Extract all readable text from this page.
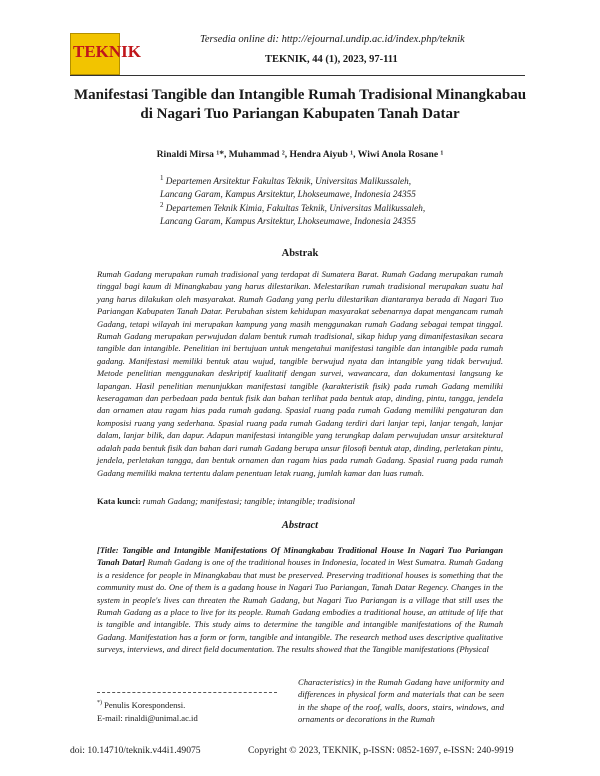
TEKNIK
Tersedia online di: http://ejournal.undip.ac.id/index.php/teknik
TEKNIK, 44 (1), 2023, 97-111
Manifestasi Tangible dan Intangible Rumah Tradisional Minangkabau
di Nagari Tuo Pariangan Kabupaten Tanah Datar
Rinaldi Mirsa ¹*, Muhammad ², Hendra Aiyub ¹, Wiwi Anola Rosane ¹
$^1$ Departemen Arsitektur Fakultas Teknik, Universitas Malikussaleh,
Lancang Garam, Kampus Arsitektur, Lhokseumawe, Indonesia 24355
$^2$ Departemen Teknik Kimia, Fakultas Teknik, Universitas Malikussaleh,
Lancang Garam, Kampus Arsitektur, Lhokseumawe, Indonesia 24355
Abstrak
Rumah Gadang merupakan rumah tradisional yang terdapat di Sumatera Barat. Rumah Gadang merupakan rumah tinggal bagi kaum di Minangkabau yang harus dilestarikan. Melestarikan rumah tradisional merupakan suatu hal yang harus dilakukan oleh masyarakat. Rumah Gadang yang perlu dilestarikan diantaranya berada di Nagari Tuo Pariangan Kabupaten Tanah Datar. Perubahan sistem kehidupan masyarakat sebenarnya dapat mengancam rumah Gadang, tetapi wilayah ini merupakan kampung yang masih menggunakan rumah Gadang sebagai tempat tinggal. Rumah Gadang merupakan perwujudan dalam bentuk rumah tradisional, sikap hidup yang dimanifestasikan secara tangible dan intangible. Penelitian ini bertujuan untuk mengetahui manifestasi tangible dan intangible pada rumah gadang. Manifestasi memiliki bentuk atau wujud, tangible berwujud nyata dan intangible yang tidak berwujud. Metode penelitian menggunakan deskriptif kualitatif dengan survei, wawancara, dan dokumentasi langsung ke lapangan. Hasil penelitian menunjukkan manifestasi tangible (karakteristik fisik) pada rumah Gadang memiliki keseragaman dan perbedaan pada bentuk fisik dan bahan terlihat pada bentuk atap, dinding, pintu, tangga, jendela dan ornamen atau ragam hias pada rumah gadang. Spasial ruang pada rumah Gadang memiliki pengaturan dan komposisi ruang yang sederhana. Spasial ruang pada rumah Gadang terdiri dari lanjar tepi, lanjar tengah, lanjar dalam, lanjar bilik, dan dapur. Adapun manifestasi intangible yang terungkap dalam perwujudan unsur arsitektural adalah pada bentuk fisik dan bahan dari rumah Gadang berupa unsur filosofi bentuk atap, dinding, perletakan pintu, jendela, perletakan tangga, dan bentuk ornamen dan ragam hias pada rumah Gadang. Spasial ruang pada rumah Gadang memiliki makna tertentu dalam penentuan letak ruang, jumlah kamar dan luas rumah.
Kata kunci: rumah Gadang; manifestasi; tangible; intangible; tradisional
Abstract
[Title: Tangible and Intangible Manifestations Of Minangkabau Traditional House In Nagari Tuo Pariangan Tanah Datar] Rumah Gadang is one of the traditional houses in Indonesia, located in West Sumatra. Rumah Gadang is a residence for people in Minangkabau that must be preserved. Preserving traditional houses is something that the community must do. One of them is a gadang house in Nagari Tuo Pariangan, Tanah Datar Regency. Changes in the system in people's lives can threaten the Rumah Gadang, but Nagari Tuo Pariangan is a village that still uses the Rumah Gadang as a place to live for its people. Rumah Gadang embodies a traditional house, an attitude of life that is tangible and intangible. This study aims to determine the tangible and intangible manifestations of the Rumah Gadang. Manifestation has a form or form, tangible and intangible. The research method uses descriptive qualitative surveys, interviews, and direct field documentation. The results showed that the Tangible manifestations (Physical
Characteristics) in the Rumah Gadang have uniformity and differences in physical form and materials that can be seen in the shape of the roof, walls, doors, stairs, windows, and ornaments or decorations in the Rumah
*) Penulis Korespondensi.
E-mail: rinaldi@unimal.ac.id
doi: 10.14710/teknik.v44i1.49075	Copyright © 2023, TEKNIK, p-ISSN: 0852-1697, e-ISSN: 240-9919
